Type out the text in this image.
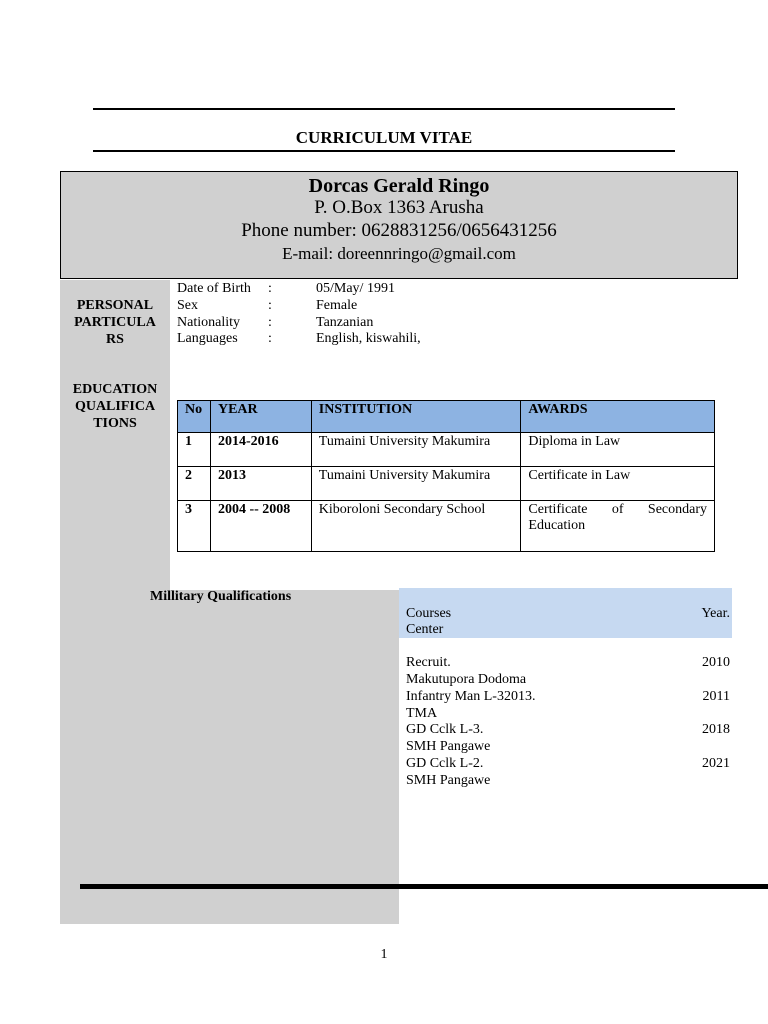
CURRICULUM VITAE
Dorcas Gerald Ringo
P. O.Box 1363 Arusha
Phone number: 0628831256/0656431256
E-mail: doreennringo@gmail.com
PERSONAL
PARTICULA
RS
Date of Birth :	05/May/ 1991
Sex	:	Female
Nationality :	Tanzanian
Languages :	English, kiswahili,
EDUCATION
QUALIFICA
TIONS
No	YEAR	INSTITUTION	AWARDS
1	2014-2016	Tumaini University Makumira	Diploma in Law
2	2013	Tumaini University Makumira	Certificate in Law
3	2004 -- 2008	Kiboroloni Secondary School	Certificate of Secondary Education
Millitary Qualifications
Courses	Year.
Center
Recruit.	2010
Makutupora Dodoma
Infantry Man L-32013.	2011
TMA
GD Cclk L-3.	2018
SMH Pangawe
GD Cclk L-2.	2021
SMH Pangawe
1
